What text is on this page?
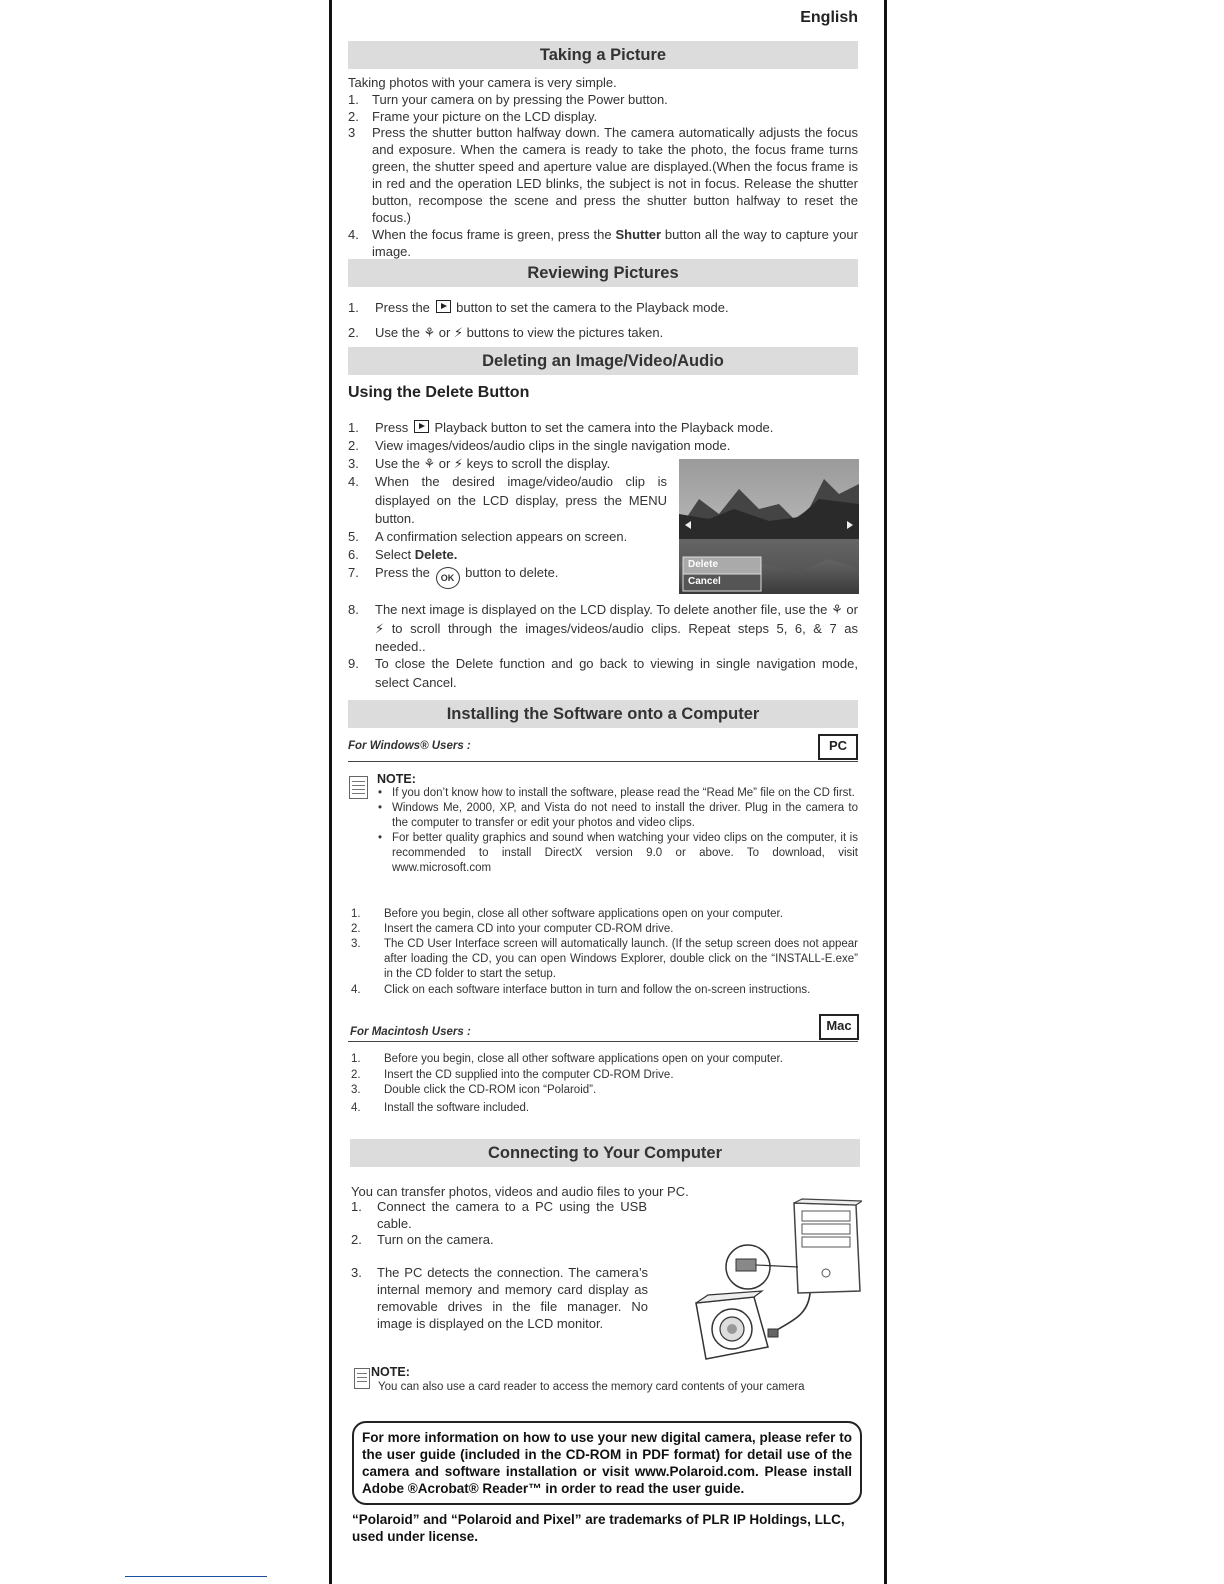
English
Taking a Picture
Taking photos with your camera is very simple.
1. Turn your camera on by pressing the Power button.
2. Frame your picture on the LCD display.
3 Press the shutter button halfway down. The camera automatically adjusts the focus and exposure. When the camera is ready to take the photo, the focus frame turns green, the shutter speed and aperture value are displayed.(When the focus frame is in red and the operation LED blinks, the subject is not in focus. Release the shutter button, recompose the scene and press the shutter button halfway to reset the focus.)
4. When the focus frame is green, press the Shutter button all the way to capture your image.
Reviewing Pictures
1. Press the button to set the camera to the Playback mode.
2. Use the ⚘ or ⚡ buttons to view the pictures taken.
Deleting an Image/Video/Audio
Using the Delete Button
1. Press Playback button to set the camera into the Playback mode.
2. View images/videos/audio clips in the single navigation mode.
3. Use the ⚘ or ⚡ keys to scroll the display.
4. When the desired image/video/audio clip is displayed on the LCD display, press the MENU button.
5. A confirmation selection appears on screen.
6. Select Delete.
7. Press the OK button to delete.
Delete
Cancel
8. The next image is displayed on the LCD display. To delete another file, use the ⚘ or ⚡ to scroll through the images/videos/audio clips. Repeat steps 5, 6, & 7 as needed..
9. To close the Delete function and go back to viewing in single navigation mode, select Cancel.
Installing the Software onto a Computer
For Windows® Users :	PC
NOTE:
• If you don’t know how to install the software, please read the “Read Me” file on the CD first.
• Windows Me, 2000, XP, and Vista do not need to install the driver. Plug in the camera to the computer to transfer or edit your photos and video clips.
• For better quality graphics and sound when watching your video clips on the computer, it is recommended to install DirectX version 9.0 or above. To download, visit www.microsoft.com
1. Before you begin, close all other software applications open on your computer.
2. Insert the camera CD into your computer CD-ROM drive.
3. The CD User Interface screen will automatically launch. (If the setup screen does not appear after loading the CD, you can open Windows Explorer, double click on the “INSTALL-E.exe” in the CD folder to start the setup.
4. Click on each software interface button in turn and follow the on-screen instructions.
For Macintosh Users :	Mac
1. Before you begin, close all other software applications open on your computer.
2. Insert the CD supplied into the computer CD-ROM Drive.
3. Double click the CD-ROM icon “Polaroid”.
4. Install the software included.
Connecting to Your Computer
You can transfer photos, videos and audio files to your PC.
1. Connect the camera to a PC using the USB cable.
2. Turn on the camera.
3. The PC detects the connection. The camera’s internal memory and memory card display as removable drives in the file manager. No image is displayed on the LCD monitor.
NOTE:
You can also use a card reader to access the memory card contents of your camera
For more information on how to use your new digital camera, please refer to the user guide (included in the CD-ROM in PDF format) for detail use of the camera and software installation or visit www.Polaroid.com. Please install Adobe ®Acrobat® Reader™ in order to read the user guide.
“Polaroid” and “Polaroid and Pixel” are trademarks of PLR IP Holdings, LLC, used under license.
